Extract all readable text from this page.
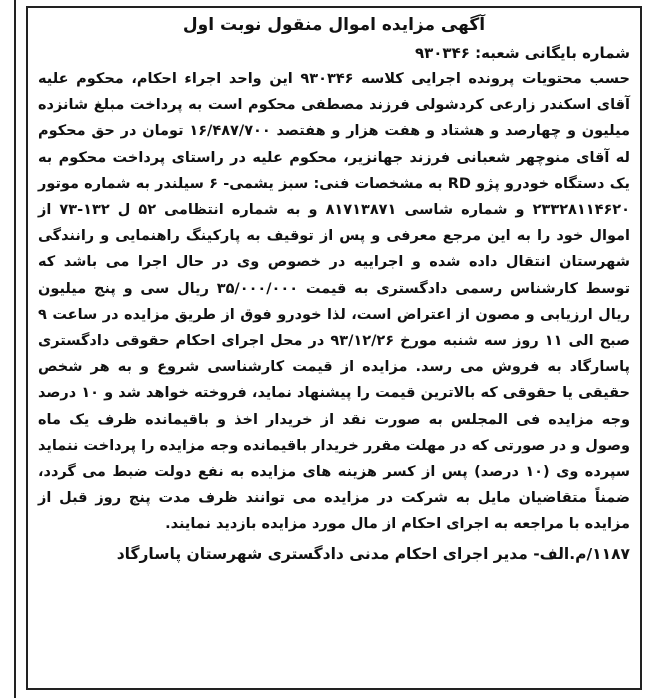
آگهی مزایده اموال منقول نوبت اول
شماره بایگانی شعبه: ۹۳۰۳۴۶
حسب محتویات پرونده اجرایی کلاسه ۹۳۰۳۴۶ این واحد اجراء احکام، محکوم علیه آقای اسکندر زارعی کردشولی فرزند مصطفی محکوم است به پرداخت مبلغ شانزده میلیون و چهارصد و هشتاد و هفت هزار و هفتصد ۱۶/۴۸۷/۷۰۰ تومان در حق محکوم له آقای منوچهر شعبانی فرزند جهانزیر، محکوم علیه در راستای پرداخت محکوم به یک دستگاه خودرو پژو RD به مشخصات فنی: سبز یشمی- ۶ سیلندر به شماره موتور ۲۳۳۲۸۱۱۴۶۲۰ و شماره شاسی ۸۱۷۱۳۸۷۱ و به شماره انتظامی ۵۲ ل ۱۳۲-۷۳ از اموال خود را به این مرجع معرفی و پس از توقیف به پارکینگ راهنمایی و رانندگی شهرستان انتقال داده شده و اجراییه در خصوص وی در حال اجرا می باشد که توسط کارشناس رسمی دادگستری به قیمت ۳۵/۰۰۰/۰۰۰ ریال سی و پنج میلیون ریال ارزیابی و مصون از اعتراض است، لذا خودرو فوق از طریق مزایده در ساعت ۹ صبح الی ۱۱ روز سه شنبه مورخ ۹۳/۱۲/۲۶ در محل اجرای احکام حقوقی دادگستری پاسارگاد به فروش می رسد. مزایده از قیمت کارشناسی شروع و به هر شخص حقیقی یا حقوقی که بالاترین قیمت را پیشنهاد نماید، فروخته خواهد شد و ۱۰ درصد وجه مزایده فی المجلس به صورت نقد از خریدار اخذ و باقیمانده ظرف یک ماه وصول و در صورتی که در مهلت مقرر خریدار باقیمانده وجه مزایده را پرداخت ننماید سپرده وی (۱۰ درصد) پس از کسر هزینه های مزایده به نفع دولت ضبط می گردد، ضمناً متقاضیان مایل به شرکت در مزایده می توانند ظرف مدت پنج روز قبل از مزایده با مراجعه به اجرای احکام از مال مورد مزایده بازدید نمایند.
۱۱۸۷/م.الف- مدیر اجرای احکام مدنی دادگستری شهرستان پاسارگاد
